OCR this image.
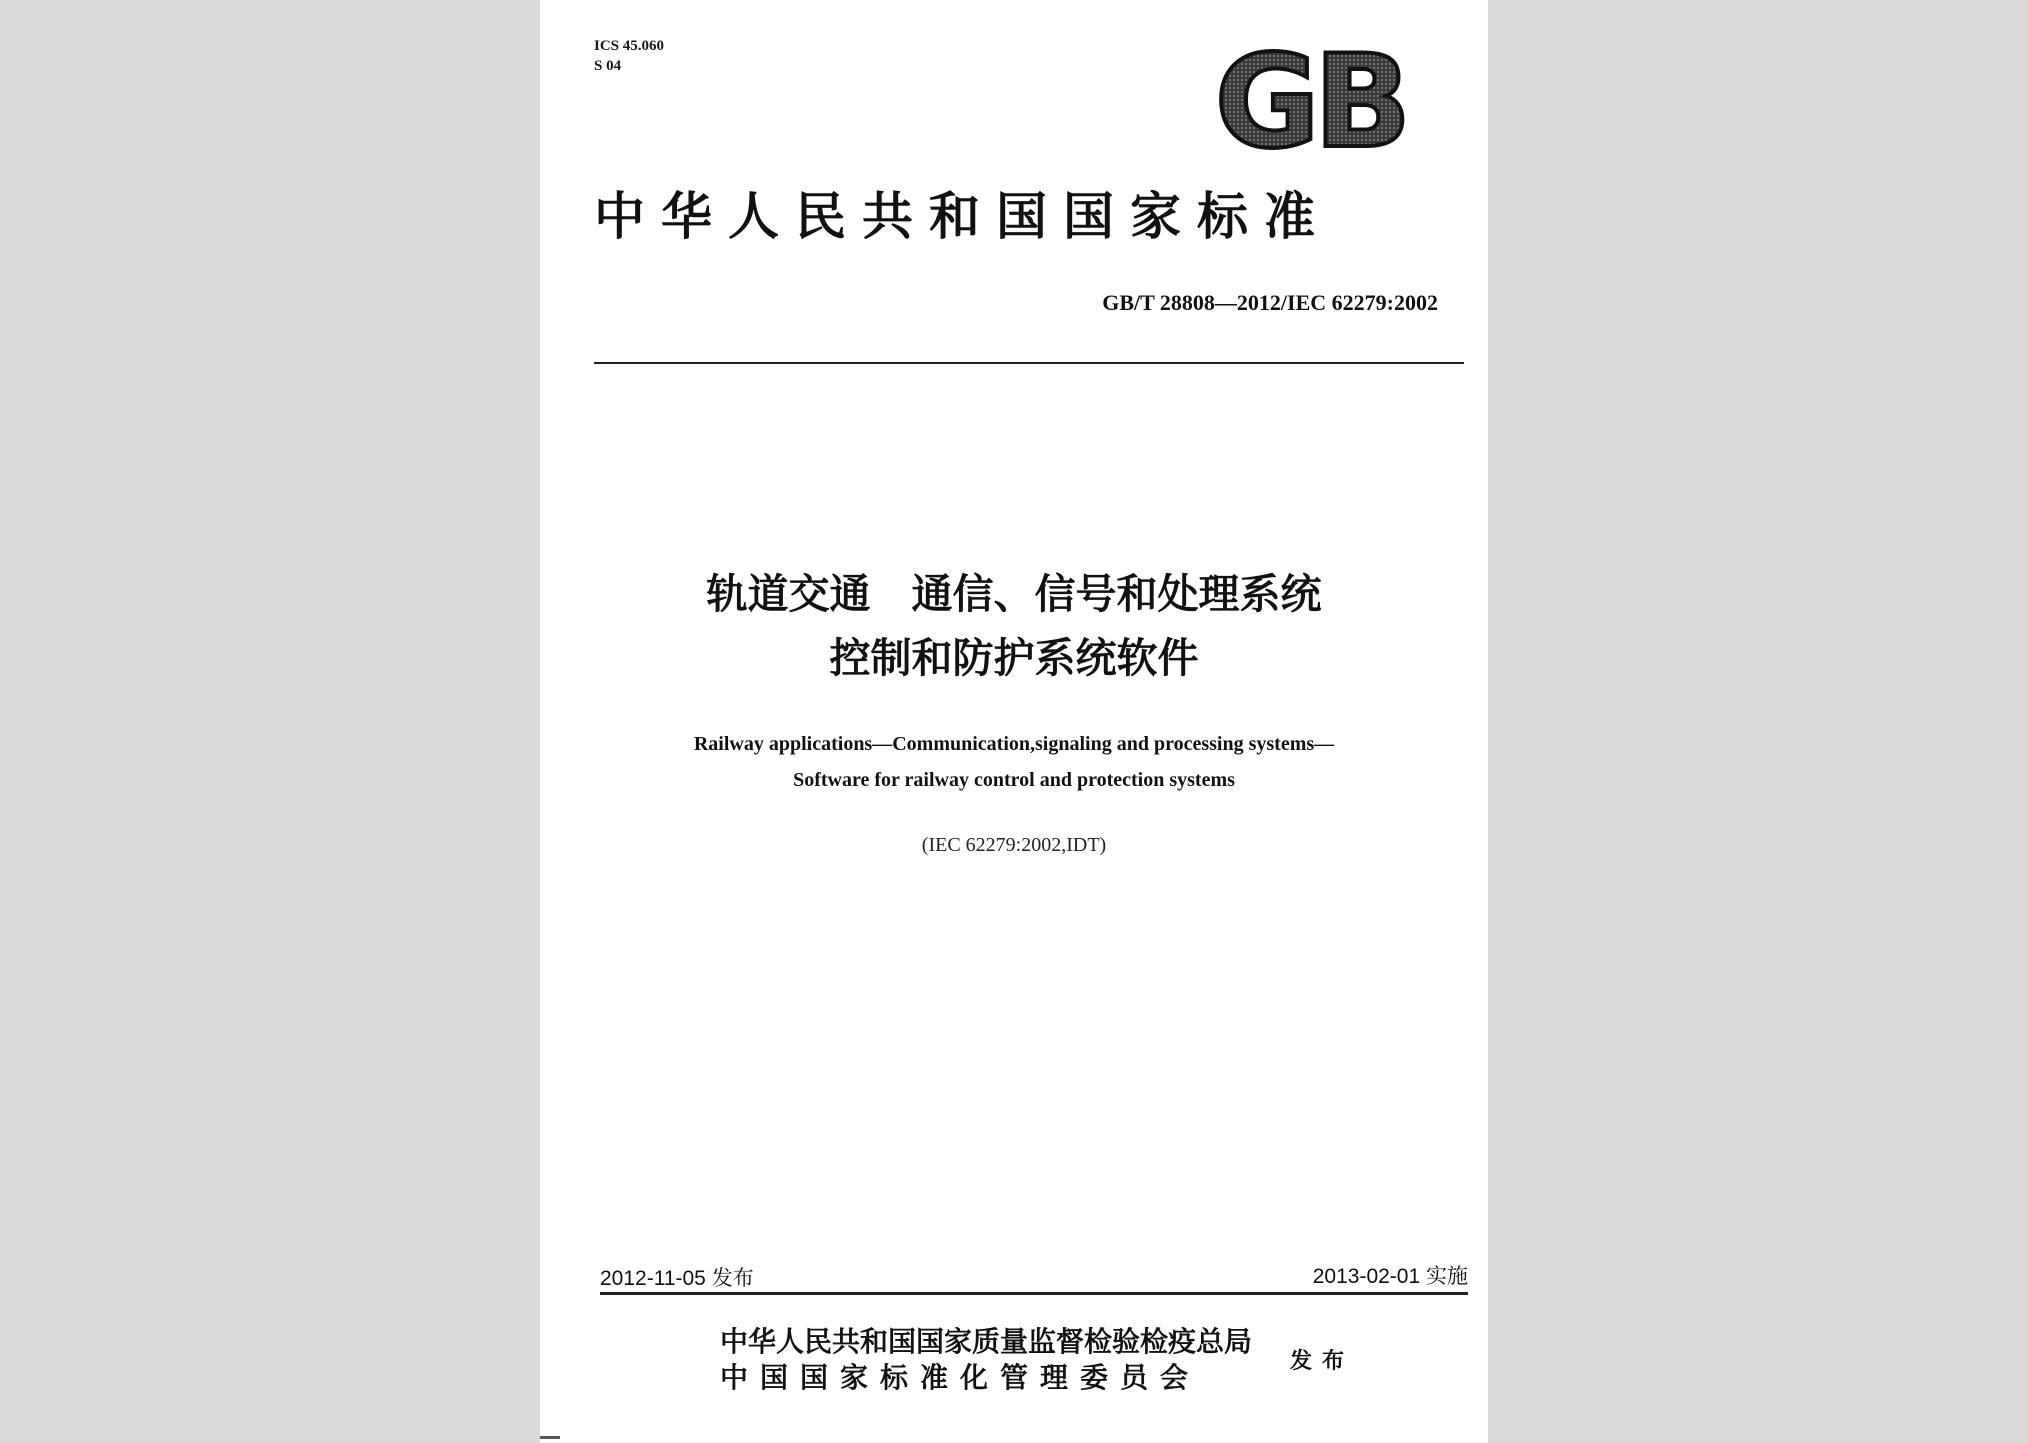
ICS 45.060
S 04	GB
中华人民共和国国家标准
GB/T 28808—2012/IEC 62279:2002
轨道交通　通信、信号和处理系统
控制和防护系统软件
Railway applications—Communication,signaling and processing systems—
Software for railway control and protection systems
(IEC 62279:2002,IDT)
2012-11-05 发布	2013-02-01 实施
中华人民共和国国家质量监督检验检疫总局
中国国家标准化管理委员会	发布
